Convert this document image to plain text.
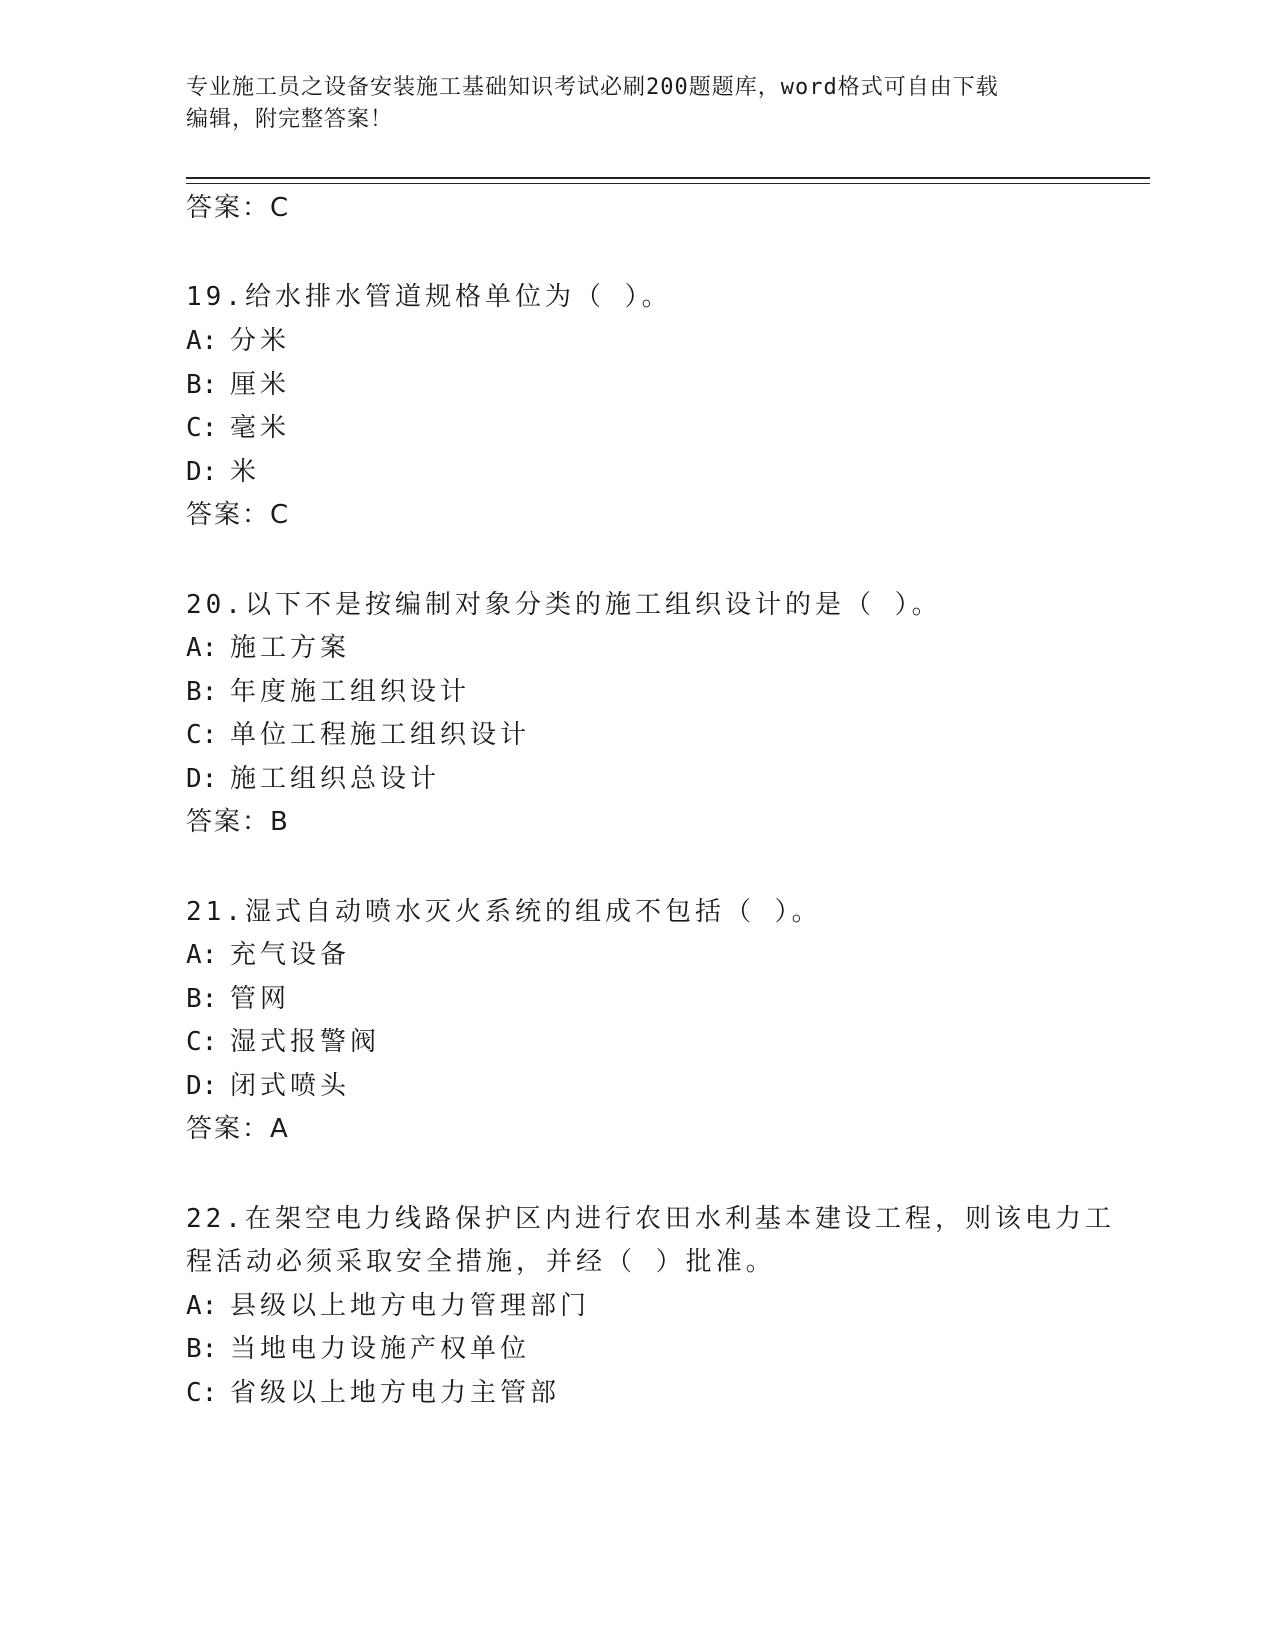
专业施工员之设备安装施工基础知识考试必刷200题题库，word格式可自由下载
编辑，附完整答案！
答案：C
19.给水排水管道规格单位为（ ）。
A: 分米
B: 厘米
C: 毫米
D: 米
答案：C
20.以下不是按编制对象分类的施工组织设计的是（ ）。
A: 施工方案
B: 年度施工组织设计
C: 单位工程施工组织设计
D: 施工组织总设计
答案：B
21.湿式自动喷水灭火系统的组成不包括（ ）。
A: 充气设备
B: 管网
C: 湿式报警阀
D: 闭式喷头
答案：A
22.在架空电力线路保护区内进行农田水利基本建设工程，则该电力工
程活动必须采取安全措施，并经（ ）批准。
A: 县级以上地方电力管理部门
B: 当地电力设施产权单位
C: 省级以上地方电力主管部
